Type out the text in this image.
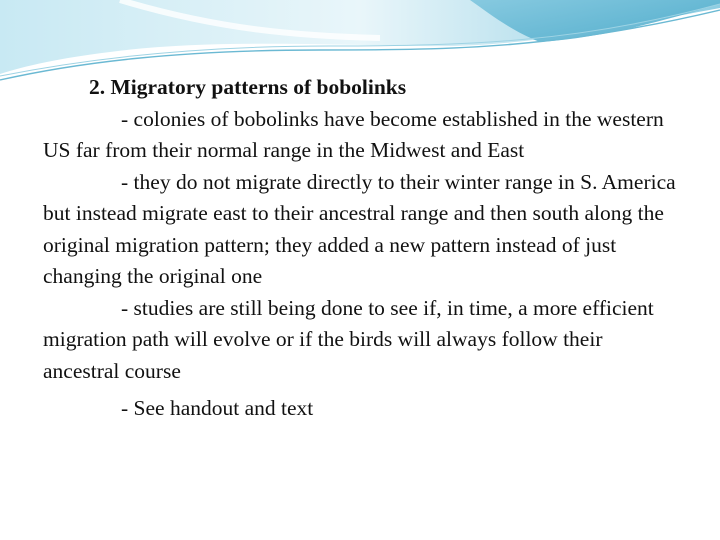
2. Migratory patterns of bobolinks

- colonies of bobolinks have become established in the western US far from their normal range in the Midwest and East

- they do not migrate directly to their winter range in S. America but instead migrate east to their ancestral range and then south along the original migration pattern; they added a new pattern instead of just changing the original one

- studies are still being done to see if, in time, a more efficient migration path will evolve or if the birds will always follow their ancestral course

- See handout and text
